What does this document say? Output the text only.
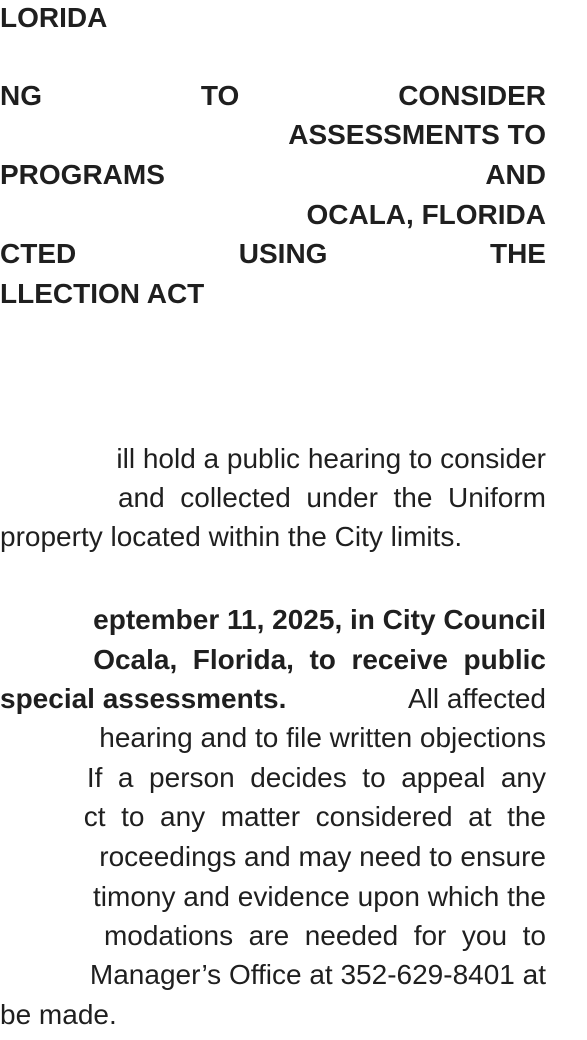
LORIDA

NG	TO	CONSIDER

ASSESSMENTS TO

PROGRAMS	AND

OCALA, FLORIDA

CTED	USING	THE

LLECTION ACT

ill hold a public hearing to consider

and  collected  under  the  Uniform

property located within the City limits.

eptember 11, 2025, in City Council

Ocala,  Florida,  to  receive  public

special assessments.	All affected

hearing and to file written objections

If  a  person  decides  to  appeal  any

ct  to  any  matter  considered  at  the

roceedings and may need to ensure

timony and evidence upon which the

modations  are  needed  for  you  to

Manager’s Office at 352-629-8401 at

be made.
